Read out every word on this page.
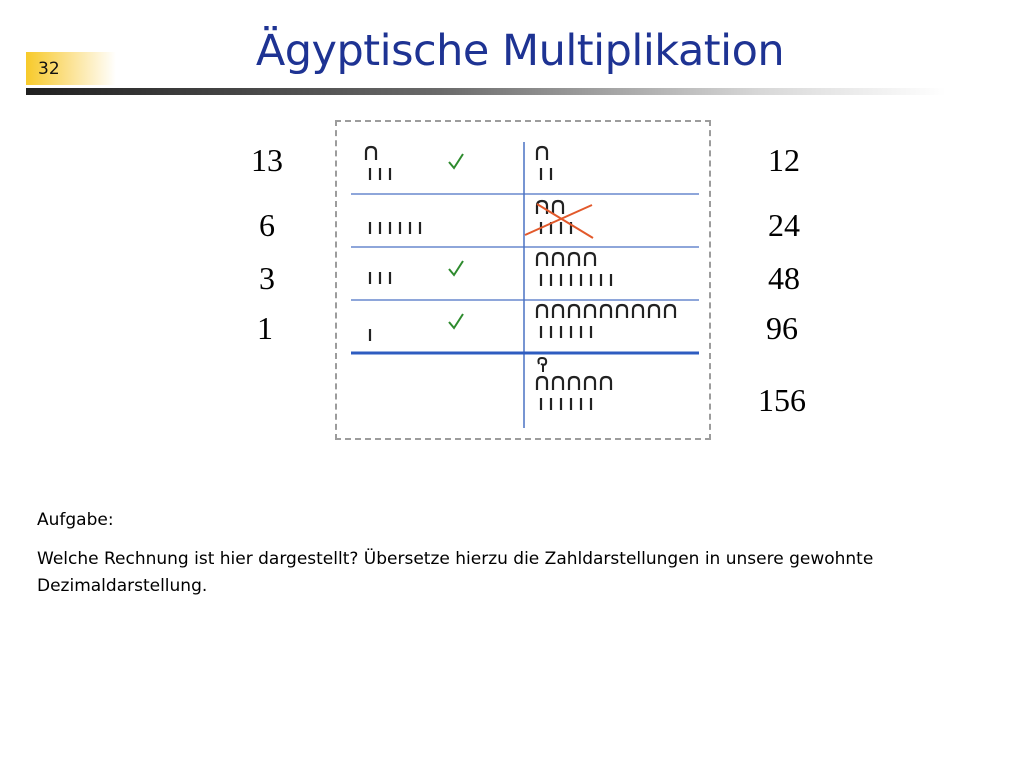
32	Ägyptische Multiplikation
13
6
3
1
12
24
48
96
156
Aufgabe:
Welche Rechnung ist hier dargestellt? Übersetze hierzu die Zahldarstellungen in unsere gewohnte Dezimaldarstellung.
